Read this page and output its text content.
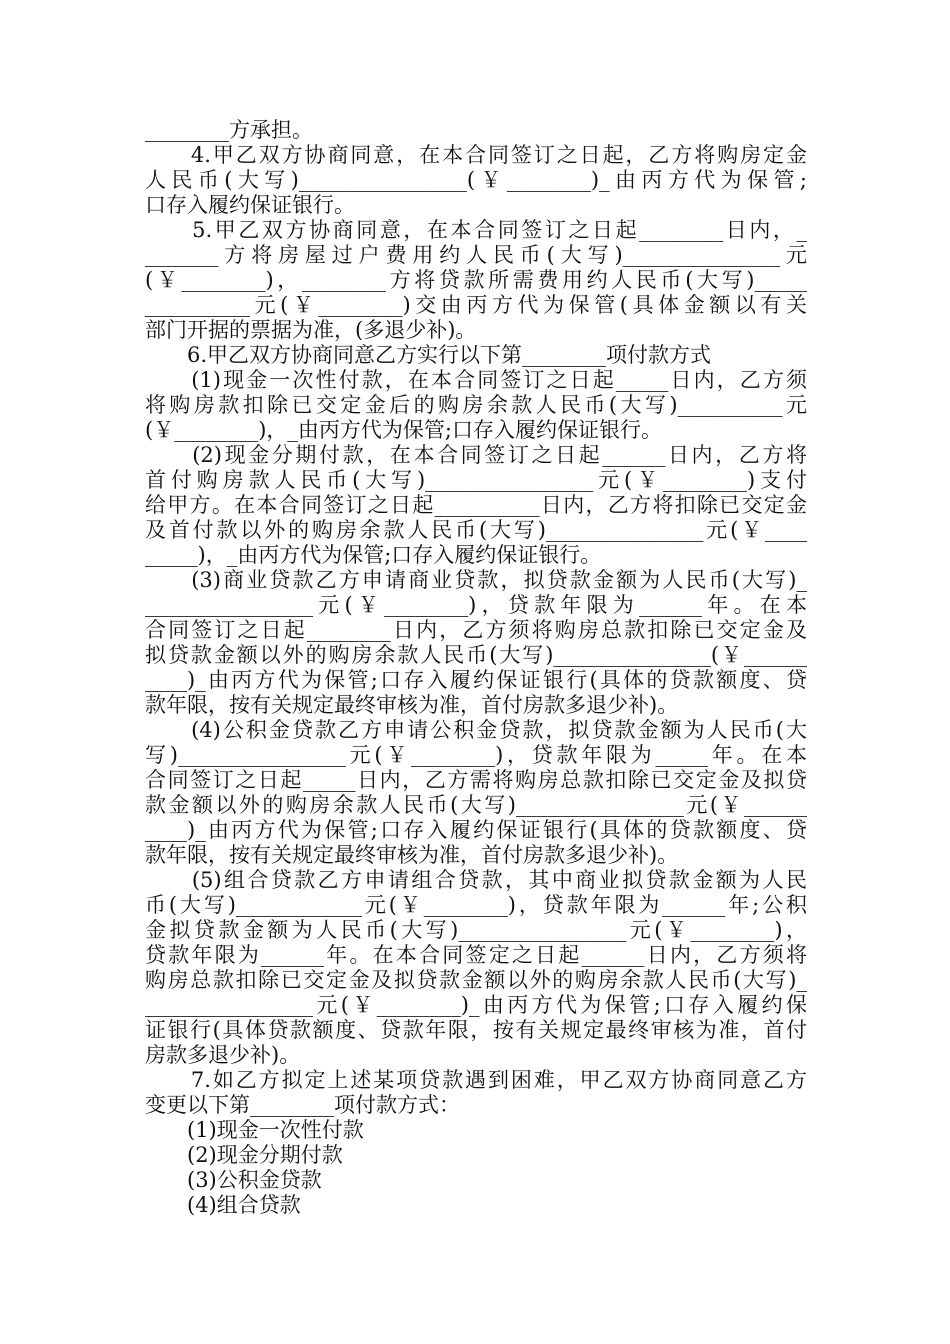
________方承担。
　　4.甲乙双方协商同意，在本合同签订之日起，乙方将购房定金
人民币(大写)________________(￥________)_由丙方代为保管;
口存入履约保证银行。
　　5.甲乙双方协商同意，在本合同签订之日起________日内，_
_______方将房屋过户费用约人民币(大写)_______________元
(￥________)，________方将贷款所需费用约人民币(大写)_____
__________元(￥________)交由丙方代为保管(具体金额以有关
部门开据的票据为准，(多退少补)。
　　6.甲乙双方协商同意乙方实行以下第________项付款方式
　　(1)现金一次性付款，在本合同签订之日起_____日内，乙方须
将购房款扣除已交定金后的购房余款人民币(大写)__________元
(￥________)，_由丙方代为保管;口存入履约保证银行。
　　(2)现金分期付款，在本合同签订之日起______日内，乙方将
首付购房款人民币(大写)________________元(￥________)支付
给甲方。在本合同签订之日起__________日内，乙方将扣除已交定金
及首付款以外的购房余款人民币(大写)_______________元(￥____
_____)，_由丙方代为保管;口存入履约保证银行。
　　(3)商业贷款乙方申请商业贷款，拟贷款金额为人民币(大写)_
________________元(￥________)，贷款年限为______年。在本
合同签订之日起________日内，乙方须将购房总款扣除已交定金及
拟贷款金额以外的购房余款人民币(大写)_______________(￥______
____)_由丙方代为保管;口存入履约保证银行(具体的贷款额度、贷
款年限，按有关规定最终审核为准，首付房款多退少补)。
　　(4)公积金贷款乙方申请公积金贷款，拟贷款金额为人民币(大
写)________________元(￥________)，贷款年限为_____年。在本
合同签订之日起_____日内，乙方需将购房总款扣除已交定金及拟贷
款金额以外的购房余款人民币(大写)________________元(￥______
____)_由丙方代为保管;口存入履约保证银行(具体的贷款额度、贷
款年限，按有关规定最终审核为准，首付房款多退少补)。
　　(5)组合贷款乙方申请组合贷款，其中商业拟贷款金额为人民
币(大写)____________元(￥________)，贷款年限为______年;公积
金拟贷款金额为人民币(大写)________________元(￥________)，
贷款年限为______年。在本合同签定之日起______日内，乙方须将
购房总款扣除已交定金及拟贷款金额以外的购房余款人民币(大写)_
________________元(￥________)_由丙方代为保管;口存入履约保
证银行(具体贷款额度、贷款年限，按有关规定最终审核为准，首付
房款多退少补)。
　　7.如乙方拟定上述某项贷款遇到困难，甲乙双方协商同意乙方
变更以下第________项付款方式：
　　(1)现金一次性付款
　　(2)现金分期付款
　　(3)公积金贷款
　　(4)组合贷款
